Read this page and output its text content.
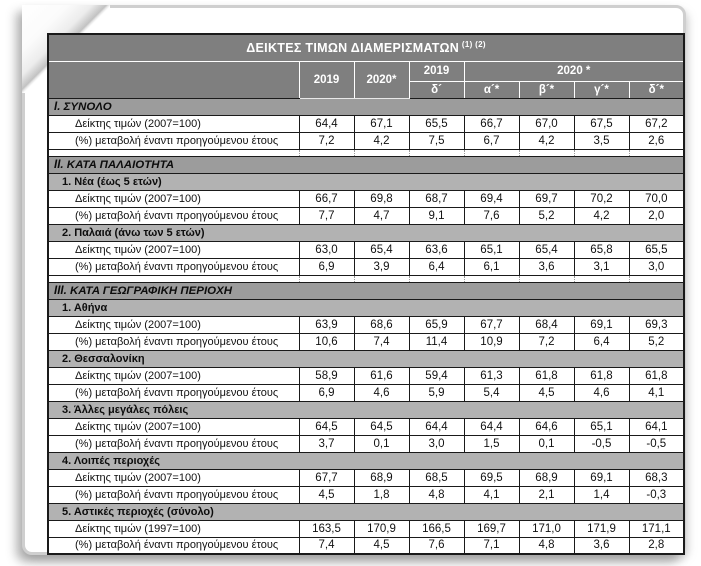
ΔΕΙΚΤΕΣ ΤΙΜΩΝ ΔΙΑΜΕΡΙΣΜΑΤΩΝ  $^{(1) (2)}$
	2019	2020*	2019	2020 *			
			δ´	α´*	β´*	γ´*	δ´*
I. ΣΥΝΟΛΟ							
Δείκτης τιμών (2007=100)	64,4	67,1	65,5	66,7	67,0	67,5	67,2
(%) μεταβολή έναντι προηγούμενου έτους	7,2	4,2	7,5	6,7	4,2	3,5	2,6

II. ΚΑΤΑ ΠΑΛΑΙΟΤΗΤΑ							
1. Νέα (έως 5 ετών)							
Δείκτης τιμών (2007=100)	66,7	69,8	68,7	69,4	69,7	70,2	70,0
(%) μεταβολή έναντι προηγούμενου έτους	7,7	4,7	9,1	7,6	5,2	4,2	2,0
2. Παλαιά (άνω των 5 ετών)							
Δείκτης τιμών (2007=100)	63,0	65,4	63,6	65,1	65,4	65,8	65,5
(%) μεταβολή έναντι προηγούμενου έτους	6,9	3,9	6,4	6,1	3,6	3,1	3,0

III. ΚΑΤΑ ΓΕΩΓΡΑΦΙΚΗ ΠΕΡΙΟΧΗ							
1. Αθήνα							
Δείκτης τιμών (2007=100)	63,9	68,6	65,9	67,7	68,4	69,1	69,3
(%) μεταβολή έναντι προηγούμενου έτους	10,6	7,4	11,4	10,9	7,2	6,4	5,2
2. Θεσσαλονίκη							
Δείκτης τιμών (2007=100)	58,9	61,6	59,4	61,3	61,8	61,8	61,8
(%) μεταβολή έναντι προηγούμενου έτους	6,9	4,6	5,9	5,4	4,5	4,6	4,1
3. Άλλες μεγάλες πόλεις							
Δείκτης τιμών (2007=100)	64,5	64,5	64,4	64,4	64,6	65,1	64,1
(%) μεταβολή έναντι προηγούμενου έτους	3,7	0,1	3,0	1,5	0,1	-0,5	-0,5
4. Λοιπές περιοχές							
Δείκτης τιμών (2007=100)	67,7	68,9	68,5	69,5	68,9	69,1	68,3
(%) μεταβολή έναντι προηγούμενου έτους	4,5	1,8	4,8	4,1	2,1	1,4	-0,3
5. Αστικές περιοχές (σύνολο)							
Δείκτης τιμών (1997=100)	163,5	170,9	166,5	169,7	171,0	171,9	171,1
(%) μεταβολή έναντι προηγούμενου έτους	7,4	4,5	7,6	7,1	4,8	3,6	2,8
